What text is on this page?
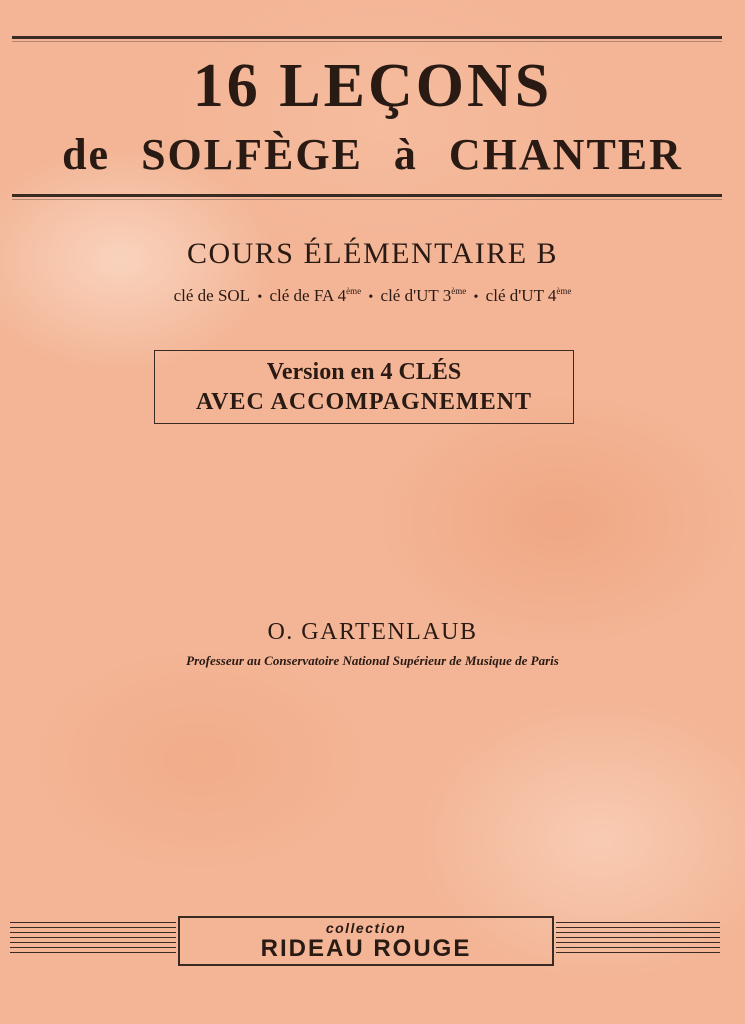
16 LEÇONS
de SOLFÈGE à CHANTER
COURS ÉLÉMENTAIRE B
clé de SOL • clé de FA 4ème • clé d'UT 3ème • clé d'UT 4ème
Version en 4 CLÉS
AVEC ACCOMPAGNEMENT
O. GARTENLAUB
Professeur au Conservatoire National Supérieur de Musique de Paris
collection
RIDEAU ROUGE
